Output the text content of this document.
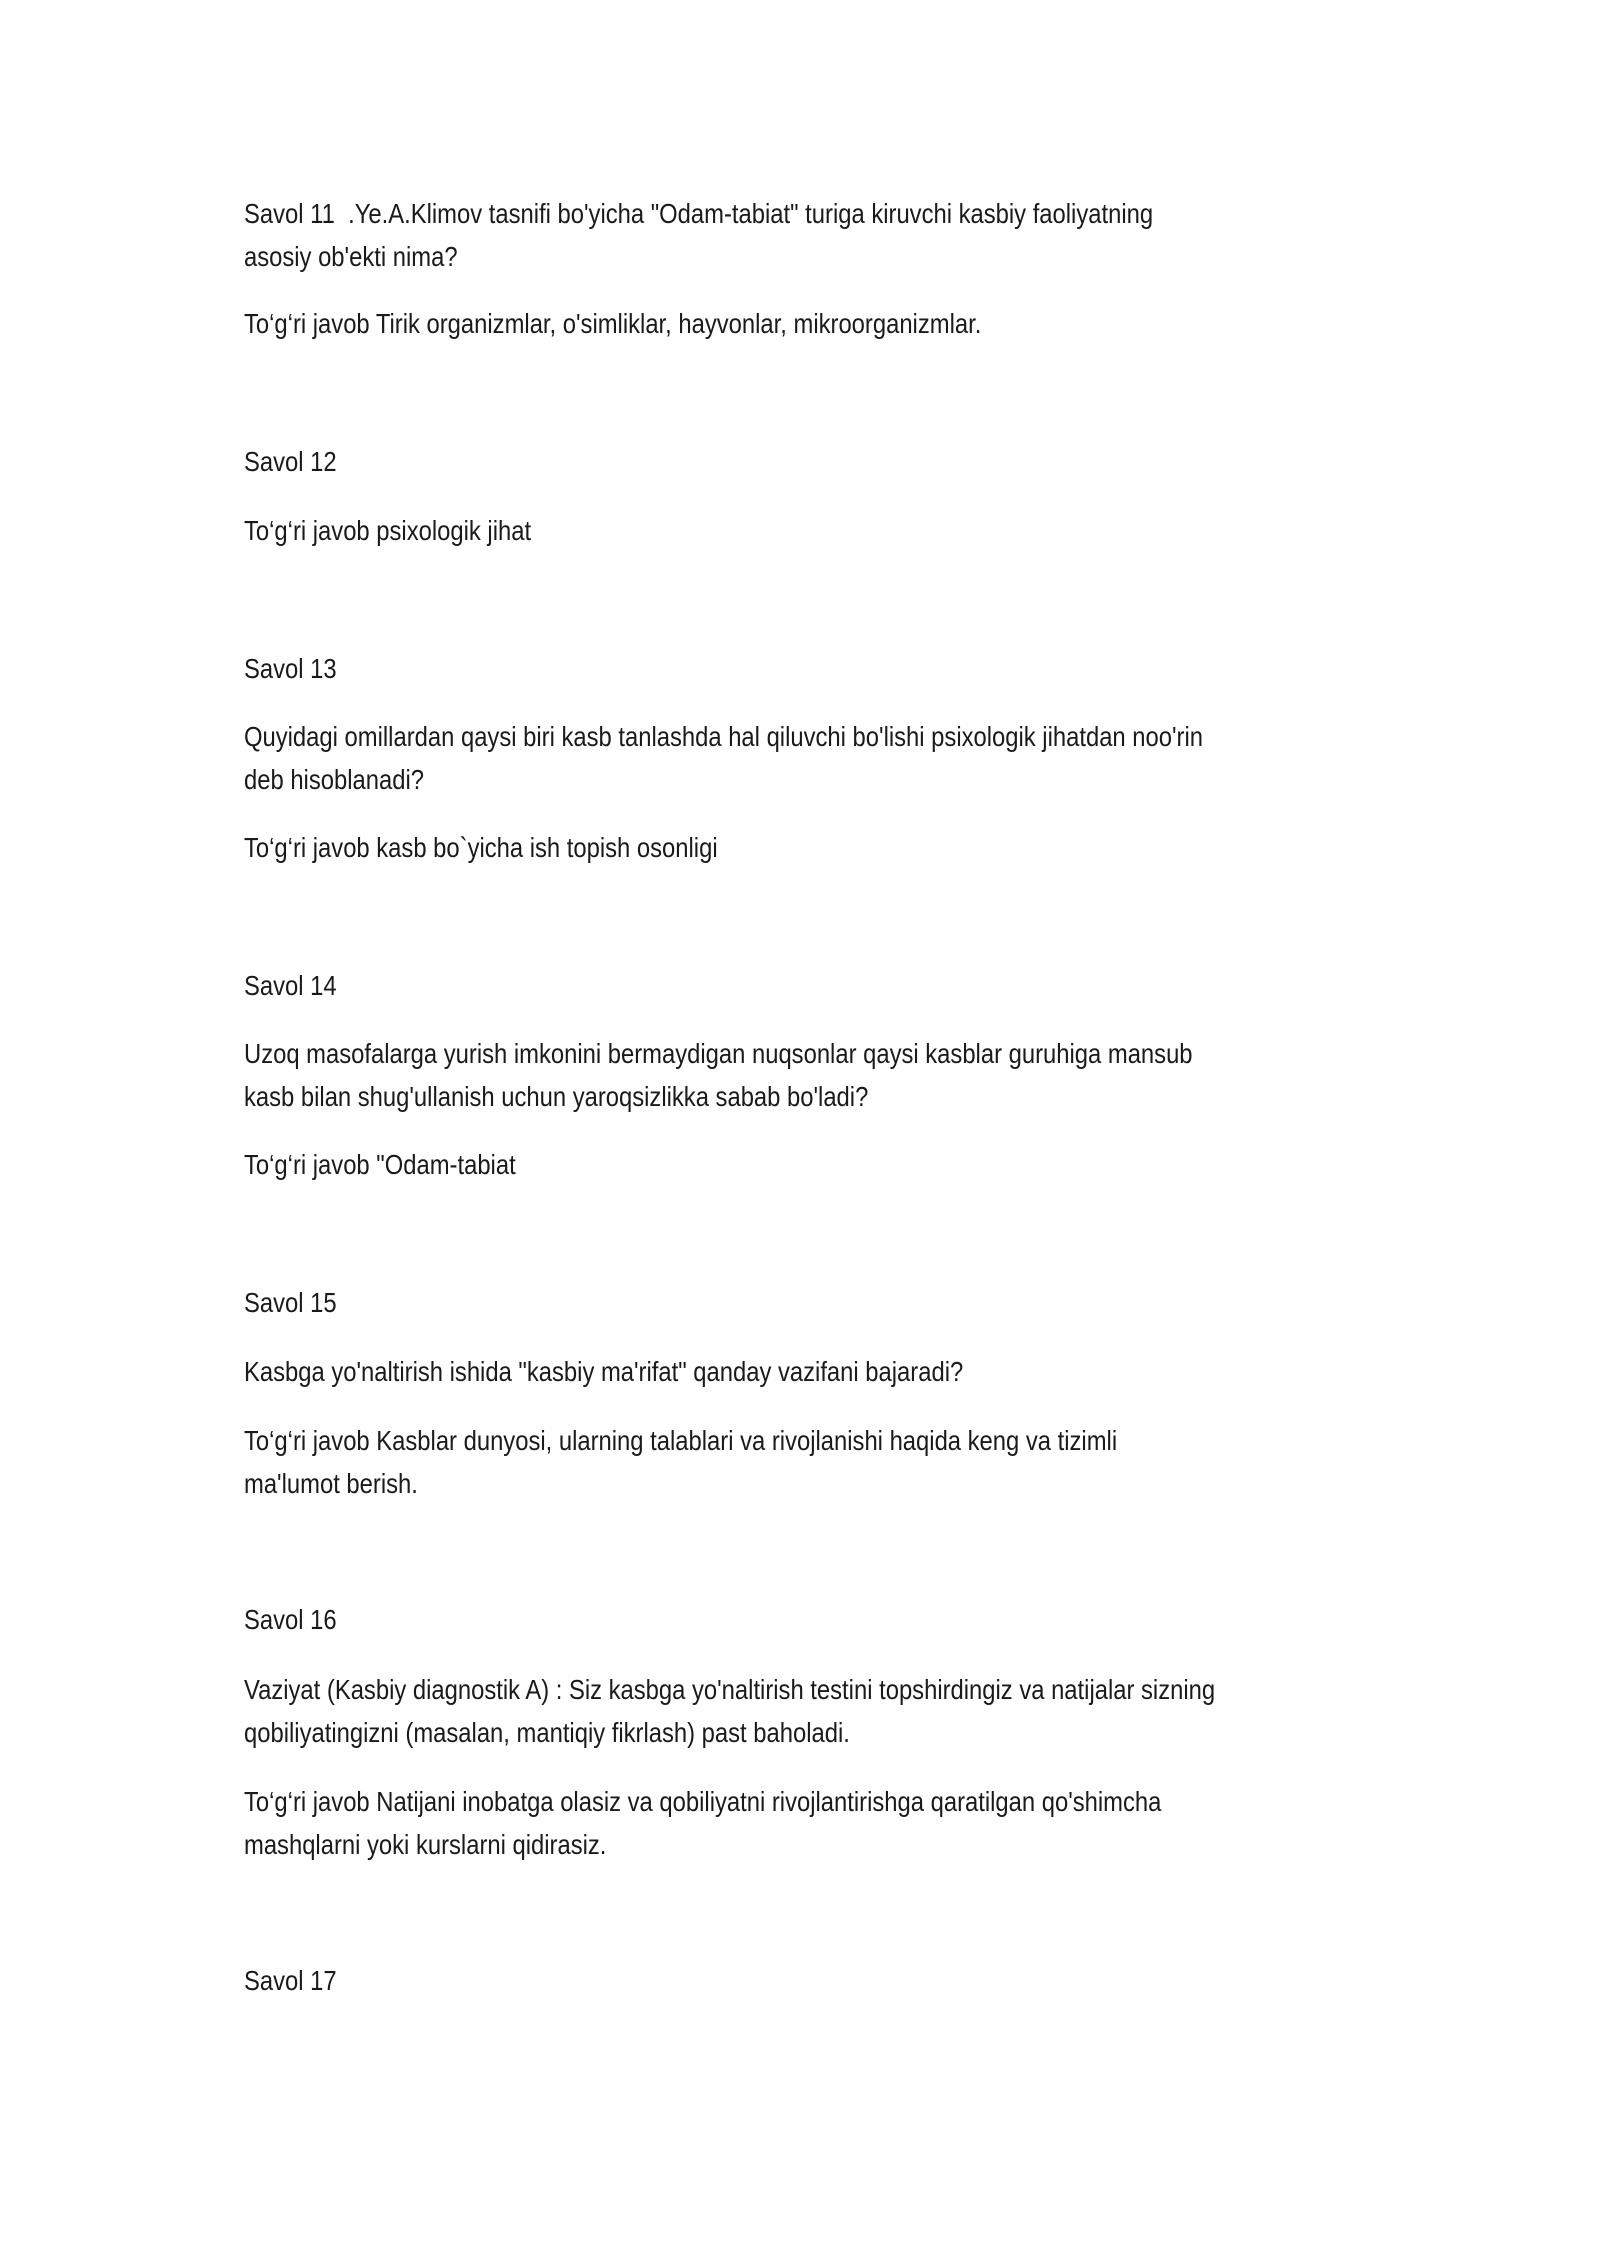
Savol 11  .Ye.A.Klimov tasnifi bo'yicha "Odam-tabiat" turiga kiruvchi kasbiy faoliyatning
asosiy ob'ekti nima?

To‘g‘ri javob Tirik organizmlar, o'simliklar, hayvonlar, mikroorganizmlar.

Savol 12

To‘g‘ri javob psixologik jihat

Savol 13

Quyidagi omillardan qaysi biri kasb tanlashda hal qiluvchi bo'lishi psixologik jihatdan noo'rin
deb hisoblanadi?

To‘g‘ri javob kasb bo`yicha ish topish osonligi

Savol 14

Uzoq masofalarga yurish imkonini bermaydigan nuqsonlar qaysi kasblar guruhiga mansub
kasb bilan shug'ullanish uchun yaroqsizlikka sabab bo'ladi?

To‘g‘ri javob "Odam-tabiat

Savol 15

Kasbga yo'naltirish ishida "kasbiy ma'rifat" qanday vazifani bajaradi?

To‘g‘ri javob Kasblar dunyosi, ularning talablari va rivojlanishi haqida keng va tizimli
ma'lumot berish.

Savol 16

Vaziyat (Kasbiy diagnostik A) : Siz kasbga yo'naltirish testini topshirdingiz va natijalar sizning
qobiliyatingizni (masalan, mantiqiy fikrlash) past baholadi.

To‘g‘ri javob Natijani inobatga olasiz va qobiliyatni rivojlantirishga qaratilgan qo'shimcha
mashqlarni yoki kurslarni qidirasiz.

Savol 17
